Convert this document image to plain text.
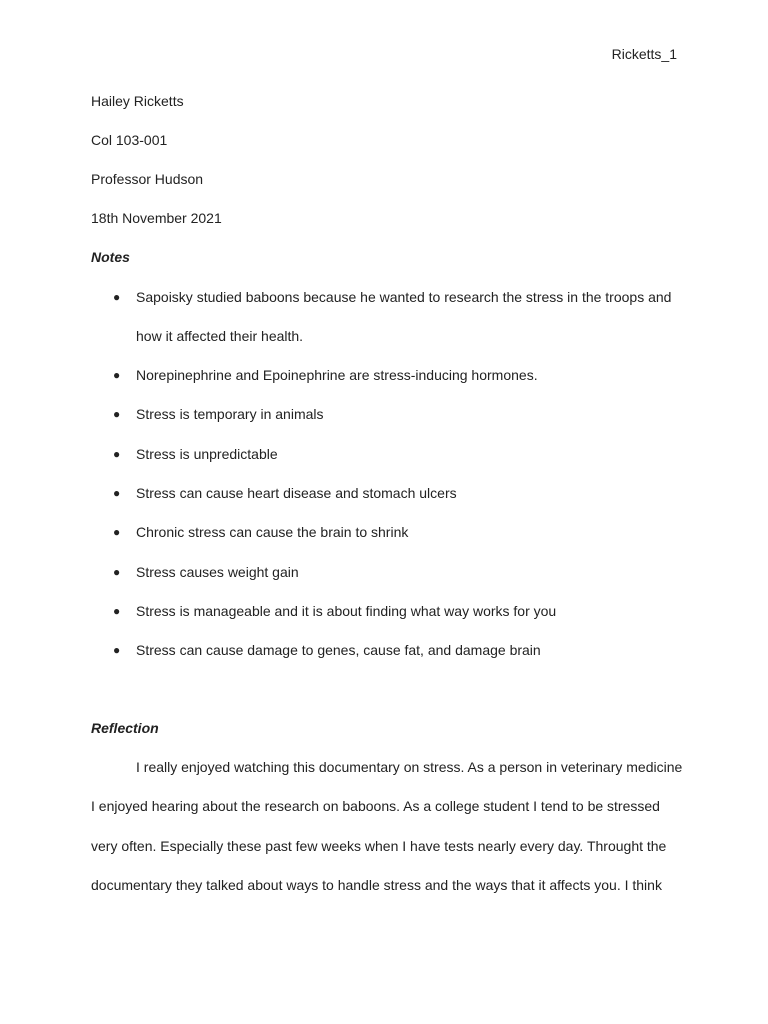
Ricketts_1
Hailey Ricketts
Col 103-001
Professor Hudson
18th November 2021
Notes
● Sapoisky studied baboons because he wanted to research the stress in the troops and
how it affected their health.
● Norepinephrine and Epoinephrine are stress-inducing hormones.
● Stress is temporary in animals
● Stress is unpredictable
● Stress can cause heart disease and stomach ulcers
● Chronic stress can cause the brain to shrink
● Stress causes weight gain
● Stress is manageable and it is about finding what way works for you
● Stress can cause damage to genes, cause fat, and damage brain
Reflection
I really enjoyed watching this documentary on stress. As a person in veterinary medicine
I enjoyed hearing about the research on baboons. As a college student I tend to be stressed
very often. Especially these past few weeks when I have tests nearly every day. Throught the
documentary they talked about ways to handle stress and the ways that it affects you. I think
